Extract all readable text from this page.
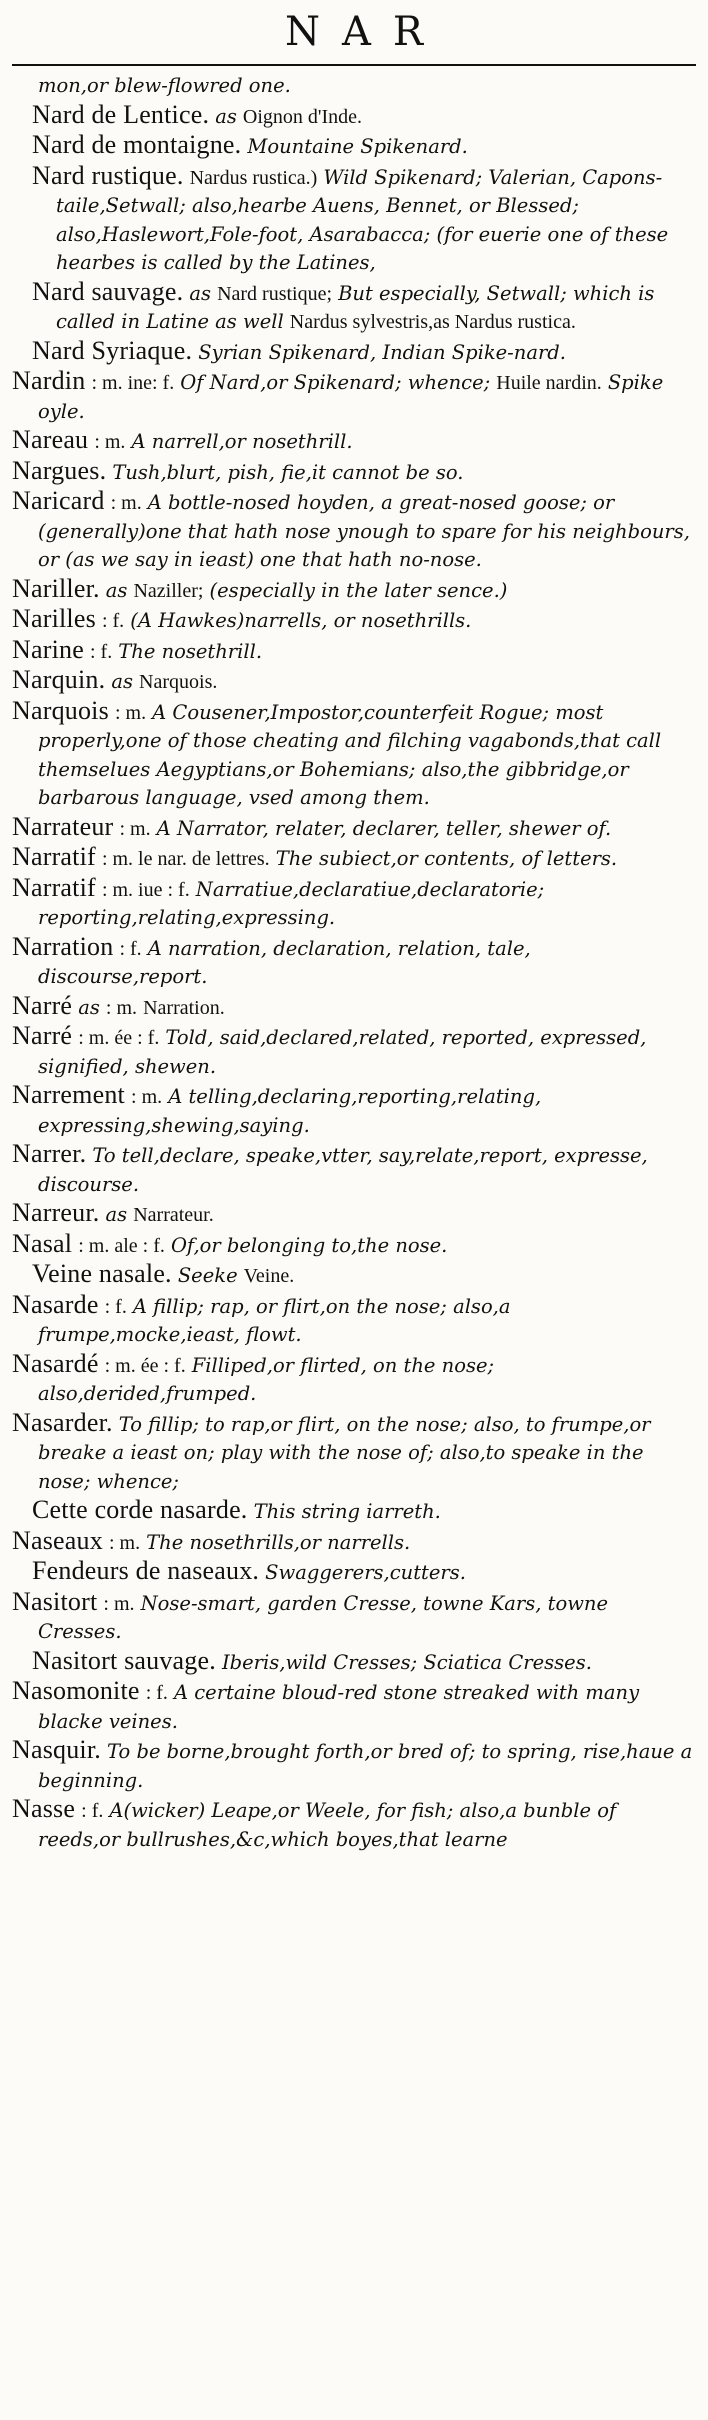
NAR

mon,or blew-flowred one.

Nard de Lentice. as Oignon d'Inde.

Nard de montaigne. Mountaine Spikenard.

Nard rustique. Nardus rustica.) Wild Spikenard; Valerian, Capons-taile,Setwall; also,hearbe Auens, Bennet, or Blessed; also,Haslewort,Fole-foot, Asarabacca; (for euerie one of these hearbes is called by the Latines,

Nard sauvage. as Nard rustique; But especially, Setwall; which is called in Latine as well Nardus sylvestris,as Nardus rustica.

Nard Syriaque. Syrian Spikenard, Indian Spike-nard.

Nardin : m. ine: f. Of Nard,or Spikenard; whence; Huile nardin. Spike oyle.

Nareau : m. A narrell,or nosethrill.

Nargues. Tush,blurt, pish, fie,it cannot be so.

Naricard : m. A bottle-nosed hoyden, a great-nosed goose; or (generally)one that hath nose ynough to spare for his neighbours, or (as we say in ieast) one that hath no-nose.

Nariller. as Naziller; (especially in the later sence.)

Narilles : f. (A Hawkes)narrells, or nosethrills.

Narine : f. The nosethrill.

Narquin. as Narquois.

Narquois : m. A Cousener,Impostor,counterfeit Rogue; most properly,one of those cheating and filching vagabonds,that call themselues Aegyptians,or Bohemians; also,the gibbridge,or barbarous language, vsed among them.

Narrateur : m. A Narrator, relater, declarer, teller, shewer of.

Narratif : m. le nar. de lettres. The subiect,or contents, of letters.

Narratif : m. iue : f. Narratiue,declaratiue,declaratorie; reporting,relating,expressing.

Narration : f. A narration, declaration, relation, tale, discourse,report.

Narré as : m. Narration.

Narré : m. ée : f. Told, said,declared,related, reported, expressed, signified, shewen.

Narrement : m. A telling,declaring,reporting,relating, expressing,shewing,saying.

Narrer. To tell,declare, speake,vtter, say,relate,report, expresse, discourse.

Narreur. as Narrateur.

Nasal : m. ale : f. Of,or belonging to,the nose.

Veine nasale. Seeke Veine.

Nasarde : f. A fillip; rap, or flirt,on the nose; also,a frumpe,mocke,ieast, flowt.

Nasardé : m. ée : f. Filliped,or flirted, on the nose; also,derided,frumped.

Nasarder. To fillip; to rap,or flirt, on the nose; also, to frumpe,or breake a ieast on; play with the nose of; also,to speake in the nose; whence;

Cette corde nasarde. This string iarreth.

Naseaux : m. The nosethrills,or narrells.

Fendeurs de naseaux. Swaggerers,cutters.

Nasitort : m. Nose-smart, garden Cresse, towne Kars, towne Cresses.

Nasitort sauvage. Iberis,wild Cresses; Sciatica Cresses.

Nasomonite : f. A certaine bloud-red stone streaked with many blacke veines.

Nasquir. To be borne,brought forth,or bred of; to spring, rise,haue a beginning.

Nasse : f. A(wicker) Leape,or Weele, for fish; also,a bunble of reeds,or bullrushes,&c,which boyes,that learne
